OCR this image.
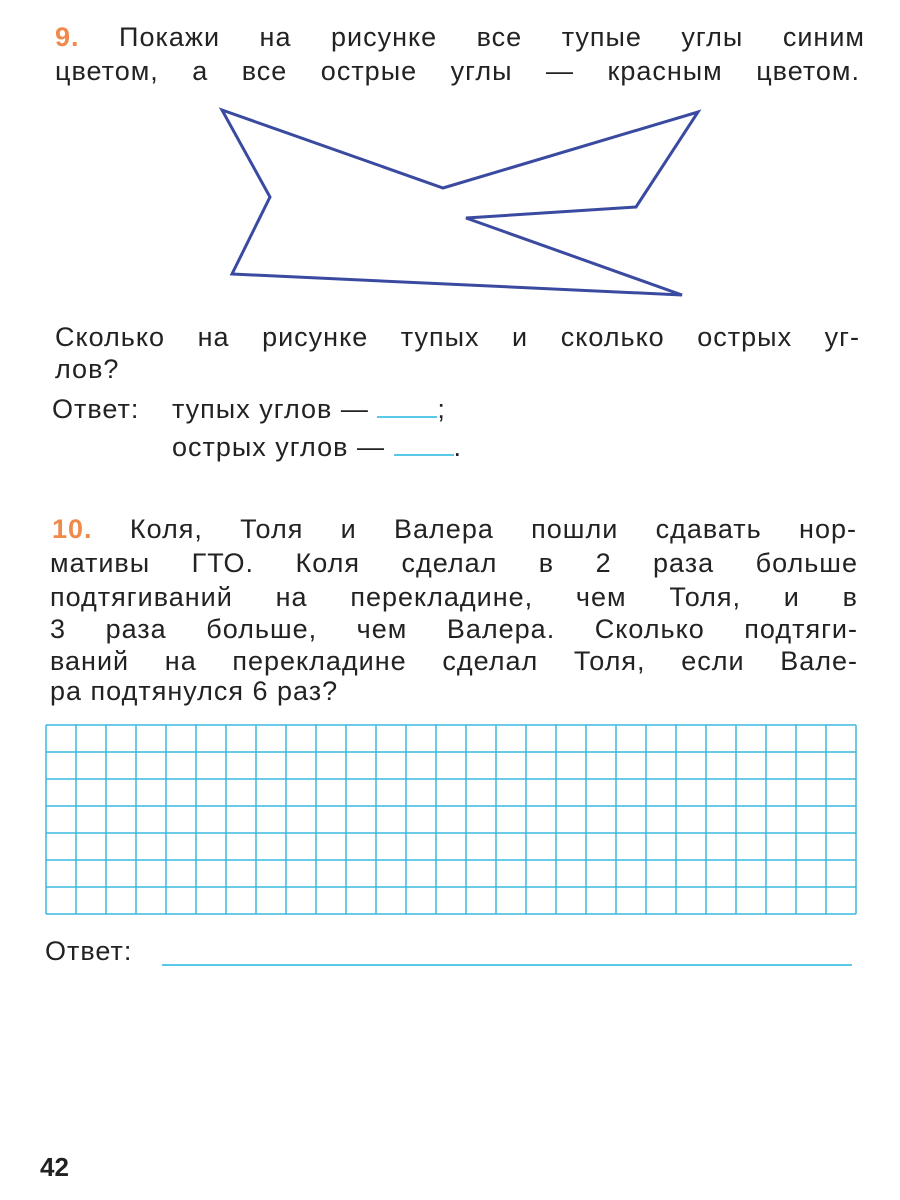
9. Покажи на рисунке все тупые углы синим
цветом, а все острые углы — красным цветом.
Сколько на рисунке тупых и сколько острых уг-
лов?
Ответ: тупых углов —	;
острых углов —	.
10. Коля, Толя и Валера пошли сдавать нор-
мативы ГТО. Коля сделал в 2 раза больше
подтягиваний на перекладине, чем Толя, и в
3 раза больше, чем Валера. Сколько подтяги-
ваний на перекладине сделал Толя, если Вале-
ра подтянулся 6 раз?
Ответ:
42
